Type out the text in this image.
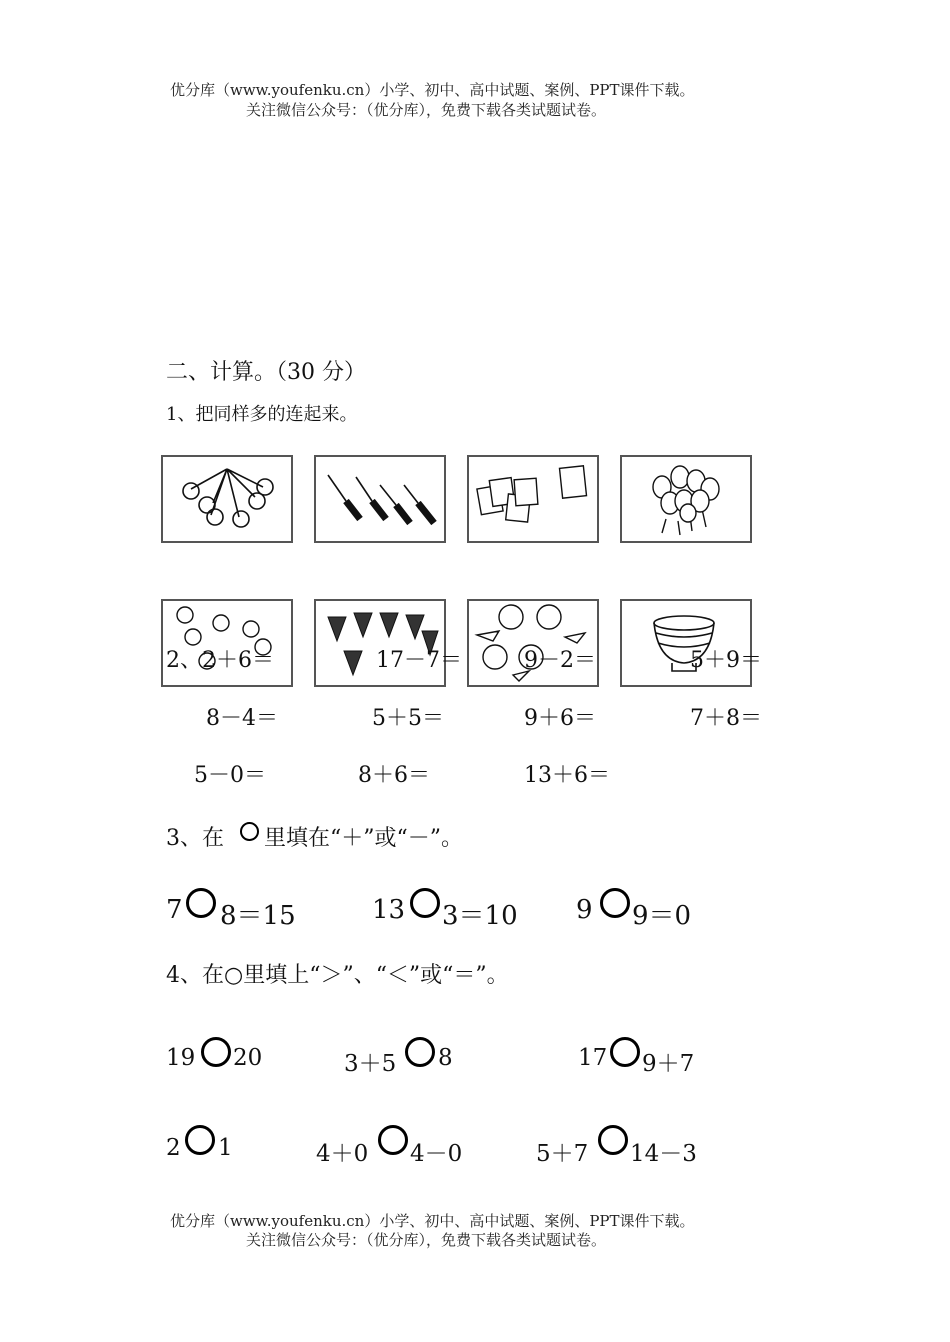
优分库（www.youfenku.cn）小学、初中、高中试题、案例、PPT课件下载。
关注微信公众号：（优分库），免费下载各类试题试卷。
二、计算。（30 分）
1、把同样多的连起来。
2、2＋6＝	17－7＝	9－2＝	5＋9＝
8－4＝	5＋5＝	9＋6＝	7＋8＝
5－0＝	8＋6＝	13＋6＝
3、在 里填在“＋”或“－”。
7 8＝15	13 3＝10 9 9＝0
4、在○里填上“＞”、“＜”或“＝”。
19 20	3＋5 8	17 9＋7
2 1	4＋0 4－0	5＋7 14－3
优分库（www.youfenku.cn）小学、初中、高中试题、案例、PPT课件下载。
关注微信公众号：（优分库），免费下载各类试题试卷。
